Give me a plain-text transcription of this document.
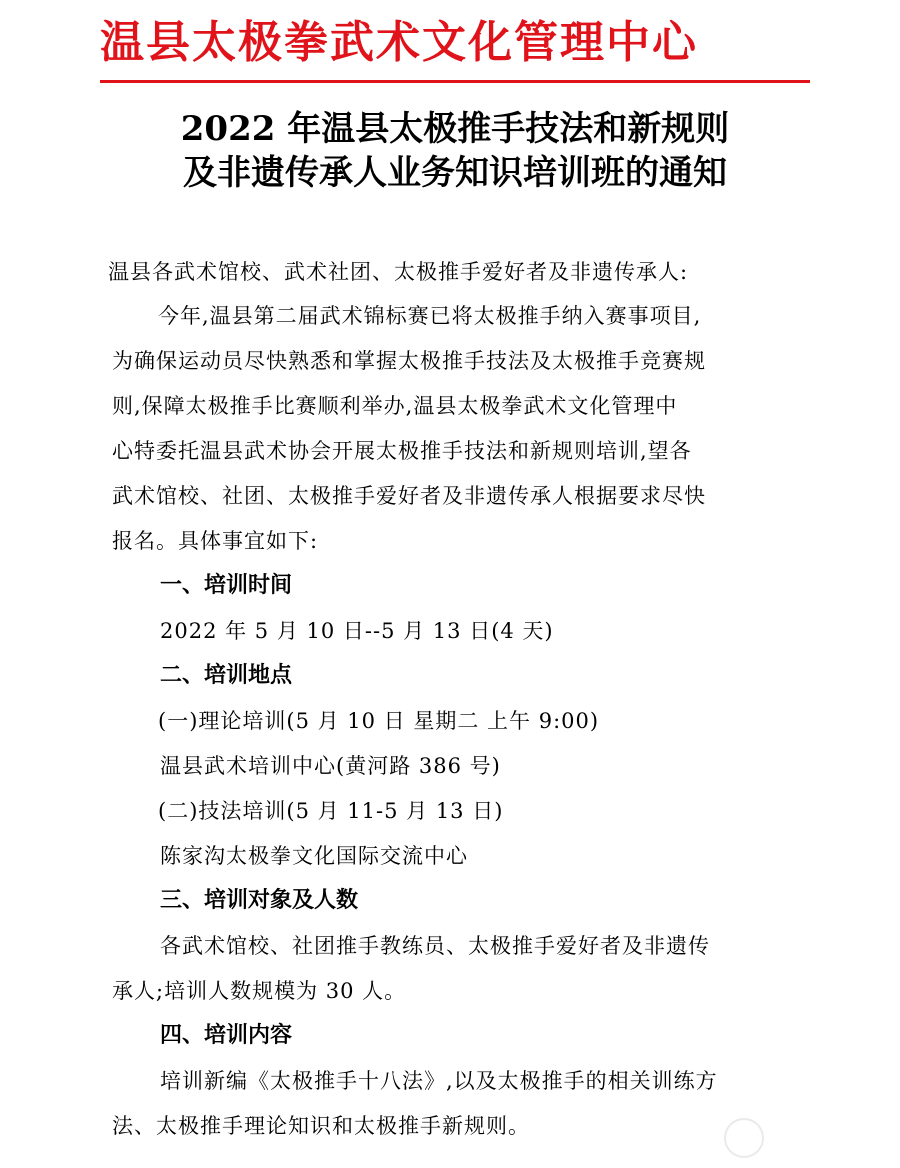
温县太极拳武术文化管理中心
2022 年温县太极推手技法和新规则
及非遗传承人业务知识培训班的通知
温县各武术馆校、武术社团、太极推手爱好者及非遗传承人:
今年,温县第二届武术锦标赛已将太极推手纳入赛事项目,
为确保运动员尽快熟悉和掌握太极推手技法及太极推手竞赛规
则,保障太极推手比赛顺利举办,温县太极拳武术文化管理中
心特委托温县武术协会开展太极推手技法和新规则培训,望各
武术馆校、社团、太极推手爱好者及非遗传承人根据要求尽快
报名。具体事宜如下:
一、培训时间
2022 年 5 月 10 日--5 月 13 日(4 天)
二、培训地点
(一)理论培训(5 月 10 日 星期二 上午 9:00)
温县武术培训中心(黄河路 386 号)
(二)技法培训(5 月 11-5 月 13 日)
陈家沟太极拳文化国际交流中心
三、培训对象及人数
各武术馆校、社团推手教练员、太极推手爱好者及非遗传
承人;培训人数规模为 30 人。
四、培训内容
培训新编《太极推手十八法》,以及太极推手的相关训练方
法、太极推手理论知识和太极推手新规则。
